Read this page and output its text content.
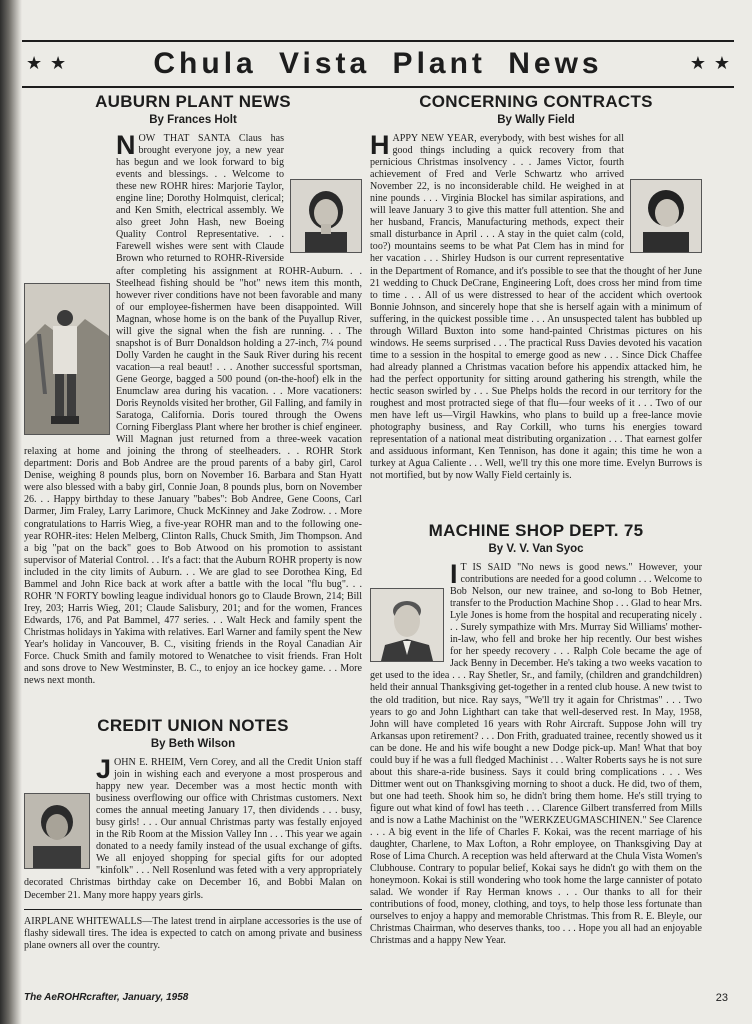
★ ★	Chula Vista Plant News	★ ★
AUBURN PLANT NEWS
By Frances Holt
N OW THAT SANTA Claus has brought everyone joy, a new year has begun and we look forward to big events and blessings. . . Welcome to these new ROHR hires: Marjorie Taylor, engine line; Dorothy Holmquist, clerical; and Ken Smith, electrical assembly. We also greet John Hash, new Boeing Quality Control Representative. . . Farewell wishes were sent with Claude Brown who returned to ROHR-Riverside after completing his assignment at ROHR-Auburn. . . Steelhead fishing should be "hot" news item this month, however river conditions have not been favorable and many of our employee-fishermen have been disappointed. Will Magnan, whose home is on the bank of the Puyallup River, will give the signal when the fish are running. . . The snapshot is of Burr Donaldson holding a 27-inch, 7¼ pound Dolly Varden he caught in the Sauk River during his recent vacation—a real beaut! . . . Another successful sportsman, Gene George, bagged a 500 pound (on-the-hoof) elk in the Enumclaw area during his vacation. . . More vacationers: Doris Reynolds visited her brother, Gil Falling, and family in Saratoga, California. Doris toured through the Owens Corning Fiberglass Plant where her brother is chief engineer. Will Magnan just returned from a three-week vacation relaxing at home and joining the throng of steelheaders. . . ROHR Stork department: Doris and Bob Andree are the proud parents of a baby girl, Carol Denise, weighing 8 pounds plus, born on November 16. Barbara and Stan Hyatt were also blessed with a baby girl, Connie Joan, 8 pounds plus, born on November 26. . . Happy birthday to these January "babes": Bob Andree, Gene Coons, Carl Darmer, Jim Fraley, Larry Larimore, Chuck McKinney and Jake Zodrow. . . More congratulations to Harris Wieg, a five-year ROHR man and to the following one-year ROHR-ites: Helen Melberg, Clinton Ralls, Chuck Smith, Jim Thompson. And a big "pat on the back" goes to Bob Atwood on his promotion to assistant supervisor of Material Control. . . It's a fact: that the Auburn ROHR property is now included in the city limits of Auburn. . . We are glad to see Dorothea King, Ed Bammel and John Rice back at work after a battle with the local "flu bug". . . ROHR 'N FORTY bowling league individual honors go to Claude Brown, 214; Bill Irey, 203; Harris Wieg, 201; Claude Salisbury, 201; and for the women, Frances Edwards, 176, and Pat Bammel, 477 series. . . Walt Heck and family spent the Christmas holidays in Yakima with relatives. Earl Warner and family spent the New Year's holiday in Vancouver, B. C., visiting friends in the Royal Canadian Air Force. Chuck Smith and family motored to Wenatchee to visit friends. Fran Holt and sons drove to New Westminster, B. C., to enjoy an ice hockey game. . . More news next month.
CONCERNING CONTRACTS
By Wally Field
H APPY NEW YEAR, everybody, with best wishes for all good things including a quick recovery from that pernicious Christmas insolvency . . . James Victor, fourth achievement of Fred and Verle Schwartz who arrived November 22, is no inconsiderable child. He weighed in at nine pounds . . . Virginia Blockel has similar aspirations, and will leave January 3 to give this matter full attention. She and her husband, Francis, Manufacturing methods, expect their small disturbance in April . . . A stay in the quiet calm (cold, too?) mountains seems to be what Pat Clem has in mind for her vacation . . . Shirley Hudson is our current representative in the Department of Romance, and it's possible to see that the thought of her June 21 wedding to Chuck DeCrane, Engineering Loft, does cross her mind from time to time . . . All of us were distressed to hear of the accident which overtook Bonnie Johnson, and sincerely hope that she is herself again with a minimum of suffering, in the quickest possible time . . . An unsuspected talent has bubbled up through Willard Buxton into some hand-painted Christmas pictures on his windows. He seems surprised . . . The practical Russ Davies devoted his vacation time to a session in the hospital to emerge good as new . . . Since Dick Chaffee had already planned a Christmas vacation before his appendix attacked him, he had the perfect opportunity for sitting around gathering his strength, while the hectic season swirled by . . . Sue Phelps holds the record in our territory for the roughest and most protracted siege of that flu—four weeks of it . . . Two of our men have left us—Virgil Hawkins, who plans to build up a free-lance movie photography business, and Ray Corkill, who turns his energies toward representation of a national meat distributing organization . . . That earnest golfer and assiduous informant, Ken Tennison, has done it again; this time he won a turkey at Agua Caliente . . . Well, we'll try this one more time. Evelyn Burrows is not mortified, but by now Wally Field certainly is.
MACHINE SHOP DEPT. 75
By V. V. Van Syoc
I T IS SAID "No news is good news." However, your contributions are needed for a good column . . . Welcome to Bob Nelson, our new trainee, and so-long to Bob Hetner, transfer to the Production Machine Shop . . . Glad to hear Mrs. Lyle Jones is home from the hospital and recuperating nicely . . . Surely sympathize with Mrs. Murray Sid Williams' mother-in-law, who fell and broke her hip recently. Our best wishes for her speedy recovery . . . Ralph Cole became the age of Jack Benny in December. He's taking a two weeks vacation to get used to the idea . . . Ray Shetler, Sr., and family, (children and grandchildren) held their annual Thanksgiving get-together in a rented club house. A new twist to the old tradition, but nice. Ray says, "We'll try it again for Christmas" . . . Two years to go and John Lighthart can take that well-deserved rest. In May, 1958, John will have completed 16 years with Rohr Aircraft. Suppose John will try Arkansas upon retirement? . . . Don Frith, graduated trainee, recently showed us it can be done. He and his wife bought a new Dodge pick-up. Man! What that boy could buy if he was a full fledged Machinist . . . Walter Roberts says he is not sure about this share-a-ride business. Says it could bring complications . . . Wes Dittmer went out on Thanksgiving morning to shoot a duck. He did, two of them, but one had teeth. Shook him so, he didn't bring them home. He's still trying to figure out what kind of fowl has teeth . . . Clarence Gilbert transferred from Mills and is now a Lathe Machinist on the "WERKZEUGMASCHINEN." See Clarence . . . A big event in the life of Charles F. Kokai, was the recent marriage of his daughter, Charlene, to Max Lofton, a Rohr employee, on Thanksgiving Day at Rose of Lima Church. A reception was held afterward at the Chula Vista Women's Clubhouse. Contrary to popular belief, Kokai says he didn't go with them on the honeymoon. Kokai is still wondering who took home the large cannister of potato salad. We wonder if Ray Herman knows . . . Our thanks to all for their contributions of food, money, clothing, and toys, to help those less fortunate than ourselves to enjoy a happy and memorable Christmas. This from R. E. Bleyle, our Christmas Chairman, who deserves thanks, too . . . Hope you all had an enjoyable Christmas and a happy New Year.
CREDIT UNION NOTES
By Beth Wilson

JOHN E. RHEIM, Vern Corey, and all the Credit Union staff join in wishing each and everyone a most prosperous and happy new year. December was a most hectic month with business overflowing our office with Christmas customers. Next comes the annual meeting January 17, then dividends . . . busy, busy girls! . . . Our annual Christmas party was festally enjoyed in the Rib Room at the Mission Valley Inn . . . This year we again donated to a needy family instead of the usual exchange of gifts. We all enjoyed shopping for special gifts for our adopted "kinfolk" . . . Nell Rosenlund was feted with a very appropriately decorated Christmas birthday cake on December 16, and Bobbi Malan on December 21. Many more happy years girls.

AIRPLANE WHITEWALLS—The latest trend in airplane accessories is the use of flashy sidewall tires. The idea is expected to catch on among private and business plane owners all over the country.

The AeROHRcrafter, January, 1958	23
